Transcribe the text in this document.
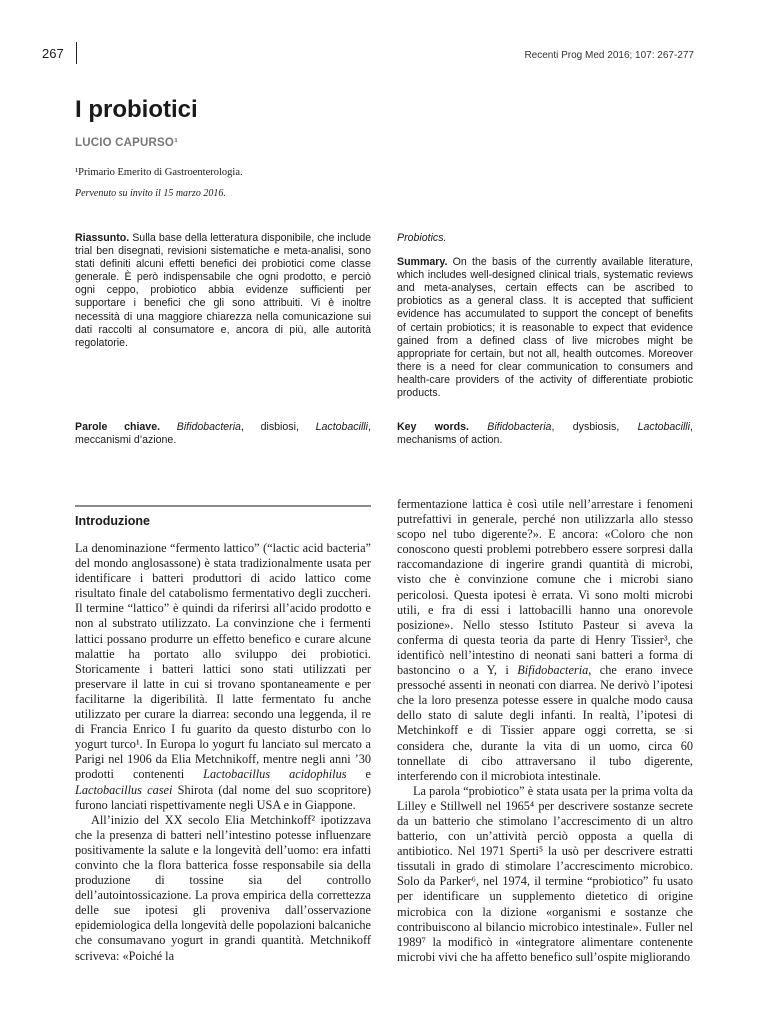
267	Recenti Prog Med 2016; 107: 267-277
I probiotici
LUCIO CAPURSO¹
¹Primario Emerito di Gastroenterologia.
Pervenuto su invito il 15 marzo 2016.
Riassunto. Sulla base della letteratura disponibile, che include trial ben disegnati, revisioni sistematiche e meta-analisi, sono stati definiti alcuni effetti benefici dei probiotici come classe generale. È però indispensabile che ogni prodotto, e perciò ogni ceppo, probiotico abbia evidenze sufficienti per supportare i benefici che gli sono attribuiti. Vi è inoltre necessità di una maggiore chiarezza nella comunicazione sui dati raccolti al consumatore e, ancora di più, alle autorità regolatorie.
Probiotics.
Summary. On the basis of the currently available literature, which includes well-designed clinical trials, systematic reviews and meta-analyses, certain effects can be ascribed to probiotics as a general class. It is accepted that sufficient evidence has accumulated to support the concept of benefits of certain probiotics; it is reasonable to expect that evidence gained from a defined class of live microbes might be appropriate for certain, but not all, health outcomes. Moreover there is a need for clear communication to consumers and health-care providers of the activity of differentiate probiotic products.
Parole chiave. Bifidobacteria, disbiosi, Lactobacilli, meccanismi d’azione.
Key words. Bifidobacteria, dysbiosis, Lactobacilli, mechanisms of action.
Introduzione

La denominazione “fermento lattico” (“lactic acid bacteria” del mondo anglosassone) è stata tradizionalmente usata per identificare i batteri produttori di acido lattico come risultato finale del catabolismo fermentativo degli zuccheri. Il termine “lattico” è quindi da riferirsi all’acido prodotto e non al substrato utilizzato. La convinzione che i fermenti lattici possano produrre un effetto benefico e curare alcune malattie ha portato allo sviluppo dei probiotici. Storicamente i batteri lattici sono stati utilizzati per preservare il latte in cui si trovano spontaneamente e per facilitarne la digeribilità. Il latte fermentato fu anche utilizzato per curare la diarrea: secondo una leggenda, il re di Francia Enrico I fu guarito da questo disturbo con lo yogurt turco¹. In Europa lo yogurt fu lanciato sul mercato a Parigi nel 1906 da Elia Metchnikoff, mentre negli anni ’30 prodotti contenenti Lactobacillus acidophilus e Lactobacillus casei Shirota (dal nome del suo scopritore) furono lanciati rispettivamente negli USA e in Giappone.

All’inizio del XX secolo Elia Metchinkoff² ipotizzava che la presenza di batteri nell’intestino potesse influenzare positivamente la salute e la longevità dell’uomo: era infatti convinto che la flora batterica fosse responsabile sia della produzione di tossine sia del controllo dell’autointossicazione. La prova empirica della correttezza delle sue ipotesi gli proveniva dall’osservazione epidemiologica della longevità delle popolazioni balcaniche che consumavano yogurt in grandi quantità. Metchnikoff scriveva: «Poiché la

fermentazione lattica è così utile nell’arrestare i fenomeni putrefattivi in generale, perché non utilizzarla allo stesso scopo nel tubo digerente?». E ancora: «Coloro che non conoscono questi problemi potrebbero essere sorpresi dalla raccomandazione di ingerire grandi quantità di microbi, visto che è convinzione comune che i microbi siano pericolosi. Questa ipotesi è errata. Vi sono molti microbi utili, e fra di essi i lattobacilli hanno una onorevole posizione». Nello stesso Istituto Pasteur si aveva la conferma di questa teoria da parte di Henry Tissier³, che identificò nell’intestino di neonati sani batteri a forma di bastoncino o a Y, i Bifidobacteria, che erano invece pressoché assenti in neonati con diarrea. Ne derivò l’ipotesi che la loro presenza potesse essere in qualche modo causa dello stato di salute degli infanti. In realtà, l’ipotesi di Metchinkoff e di Tissier appare oggi corretta, se si considera che, durante la vita di un uomo, circa 60 tonnellate di cibo attraversano il tubo digerente, interferendo con il microbiota intestinale.

La parola “probiotico” è stata usata per la prima volta da Lilley e Stillwell nel 1965⁴ per descrivere sostanze secrete da un batterio che stimolano l’accrescimento di un altro batterio, con un’attività perciò opposta a quella di antibiotico. Nel 1971 Sperti⁵ la usò per descrivere estratti tissutali in grado di stimolare l’accrescimento microbico. Solo da Parker⁶, nel 1974, il termine “probiotico” fu usato per identificare un supplemento dietetico di origine microbica con la dizione «organismi e sostanze che contribuiscono al bilancio microbico intestinale». Fuller nel 1989⁷ la modificò in «integratore alimentare contenente microbi vivi che ha affetto benefico sull’ospite migliorando
